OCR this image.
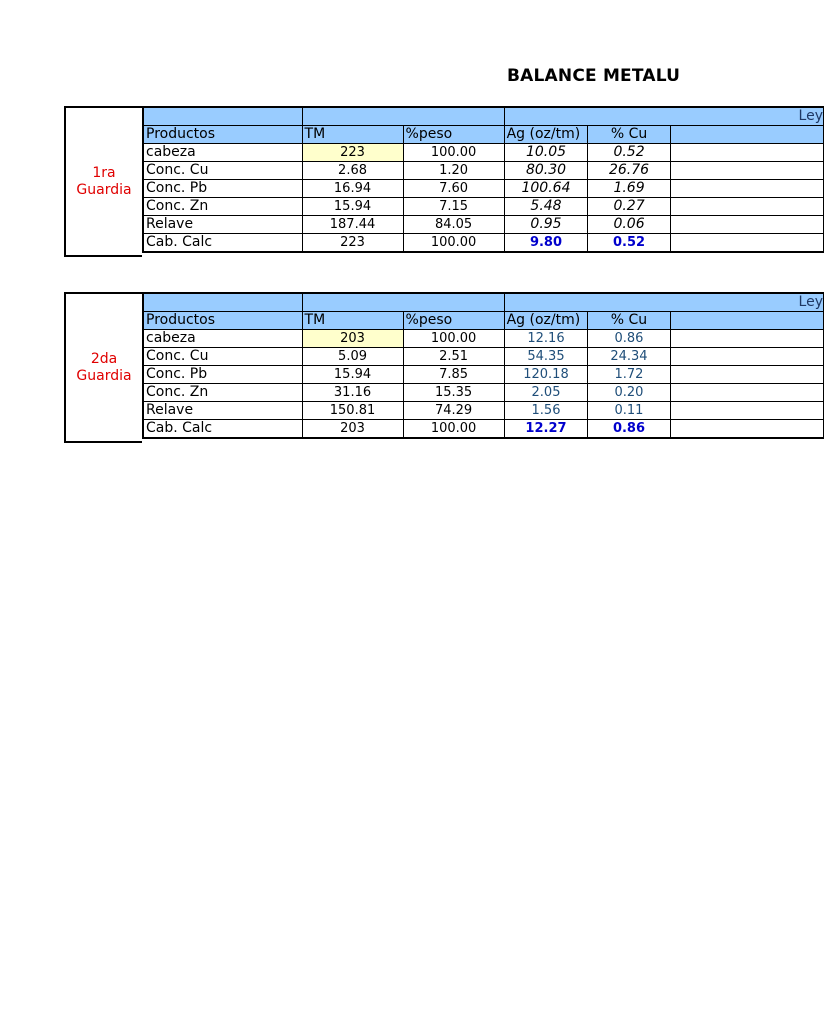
BALANCE METALU
1ra
Guardia
			Ley		
Productos	TM	%peso	Ag (oz/tm)	% Cu	
cabeza	223	100.00	10.05	0.52	
Conc. Cu	2.68	1.20	80.30	26.76	
Conc. Pb	16.94	7.60	100.64	1.69	
Conc. Zn	15.94	7.15	5.48	0.27	
Relave	187.44	84.05	0.95	0.06	
Cab. Calc	223	100.00	9.80	0.52	
2da
Guardia
			Ley		
Productos	TM	%peso	Ag (oz/tm)	% Cu	
cabeza	203	100.00	12.16	0.86	
Conc. Cu	5.09	2.51	54.35	24.34	
Conc. Pb	15.94	7.85	120.18	1.72	
Conc. Zn	31.16	15.35	2.05	0.20	
Relave	150.81	74.29	1.56	0.11	
Cab. Calc	203	100.00	12.27	0.86	
